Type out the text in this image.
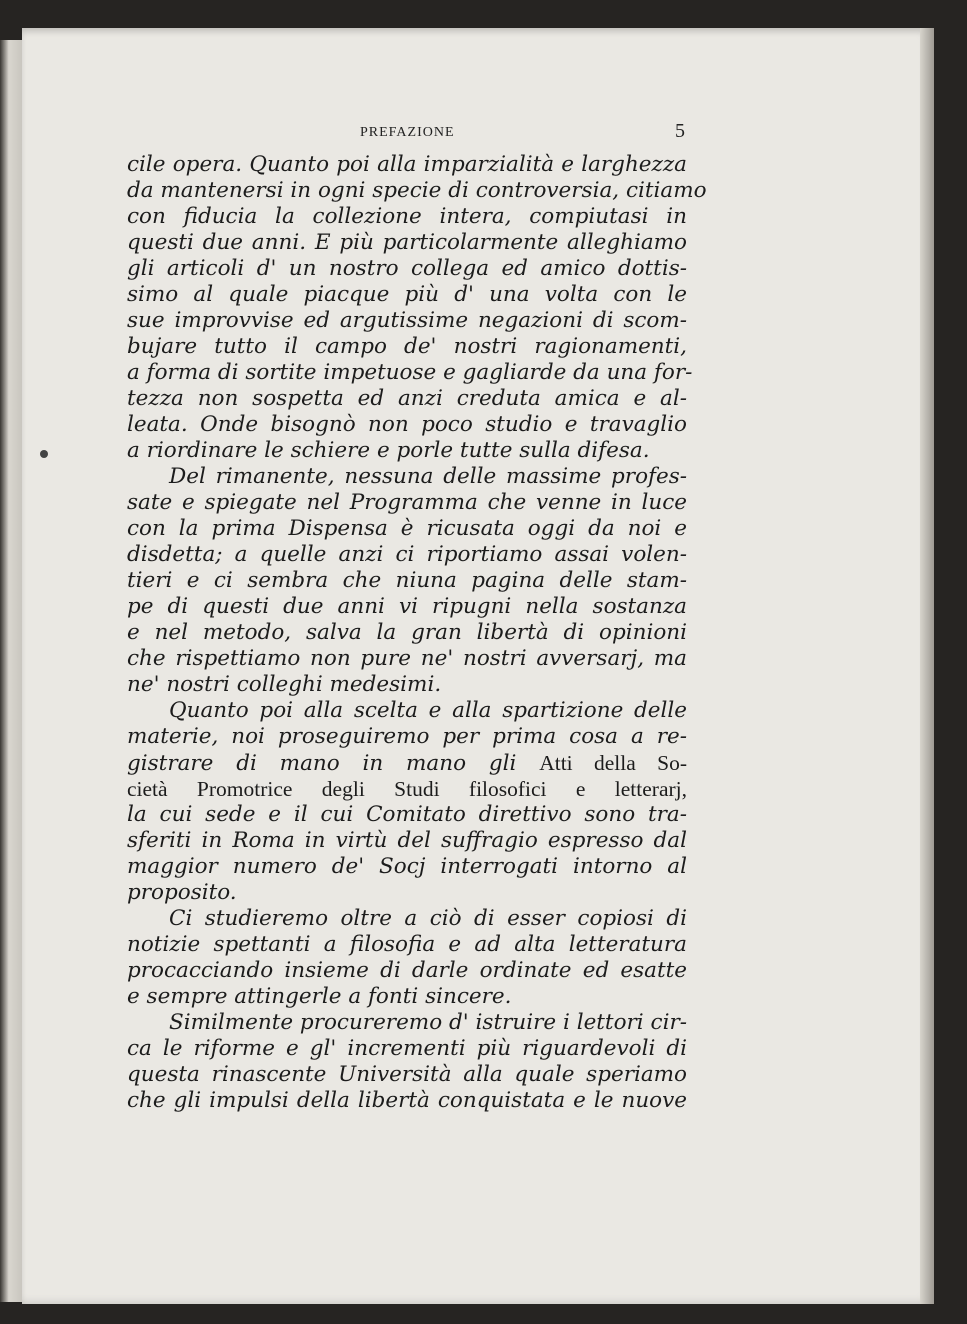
PREFAZIONE	5
cile opera. Quanto poi alla imparzialità e larghezza
da mantenersi in ogni specie di controversia, citiamo
con fiducia la collezione intera, compiutasi in
questi due anni. E più particolarmente alleghiamo
gli articoli d' un nostro collega ed amico dottis-
simo al quale piacque più d' una volta con le
sue improvvise ed argutissime negazioni di scom-
bujare tutto il campo de' nostri ragionamenti,
a forma di sortite impetuose e gagliarde da una for-
tezza non sospetta ed anzi creduta amica e al-
leata. Onde bisognò non poco studio e travaglio
a riordinare le schiere e porle tutte sulla difesa.
Del rimanente, nessuna delle massime profes-
sate e spiegate nel Programma che venne in luce
con la prima Dispensa è ricusata oggi da noi e
disdetta; a quelle anzi ci riportiamo assai volen-
tieri e ci sembra che niuna pagina delle stam-
pe di questi due anni vi ripugni nella sostanza
e nel metodo, salva la gran libertà di opinioni
che rispettiamo non pure ne' nostri avversarj, ma
ne' nostri colleghi medesimi.
Quanto poi alla scelta e alla spartizione delle
materie, noi proseguiremo per prima cosa a re-
gistrare di mano in mano gli Atti della So-
cietà Promotrice degli Studi filosofici e letterarj,
la cui sede e il cui Comitato direttivo sono tra-
sferiti in Roma in virtù del suffragio espresso dal
maggior numero de' Socj interrogati intorno al
proposito.
Ci studieremo oltre a ciò di esser copiosi di
notizie spettanti a filosofia e ad alta letteratura
procacciando insieme di darle ordinate ed esatte
e sempre attingerle a fonti sincere.
Similmente procureremo d' istruire i lettori cir-
ca le riforme e gl' incrementi più riguardevoli di
questa rinascente Università alla quale speriamo
che gli impulsi della libertà conquistata e le nuove
